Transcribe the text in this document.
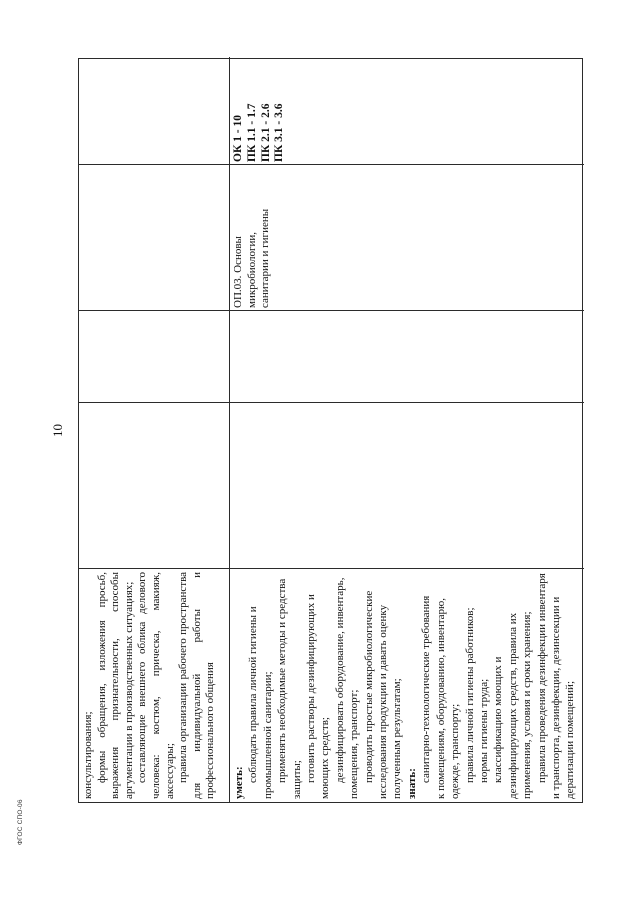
консультирования; формы обращения, изложения просьб, выражения признательности, способы аргументации в производственных ситуациях; составляющие внешнего облика делового человека: костюм, прическа, макияж, аксессуары; правила организации рабочего пространства для индивидуальной работы и профессионального общения уметь: соблюдать правила личной гигиены и промышленной санитарии; применять необходимые методы и средства защиты; готовить растворы дезинфицирующих и моющих средств; дезинфицировать оборудование, инвентарь, помещения, транспорт; проводить простые микробиологические исследования продукции и давать оценку полученным результатам; знать:
санитарно-технологические требования к помещениям, оборудованию, инвентарю, одежде, транспорту; правила личной гигиены работников; нормы гигиены труда; классификацию моющих и дезинфицирующих средств, правила их применения, условия и сроки хранения; правила проведения дезинфекции инвентаря и транспорта, дезинфекции, дезинсекции и дератизации помещений;
ОП.03. Основы микробиологии, санитарии и гигиены
ОК 1 - 10 ПК 1.1 - 1.7 ПК 2.1 - 2.6 ПК 3.1 - 3.6
10
ФГОС СПО-06
